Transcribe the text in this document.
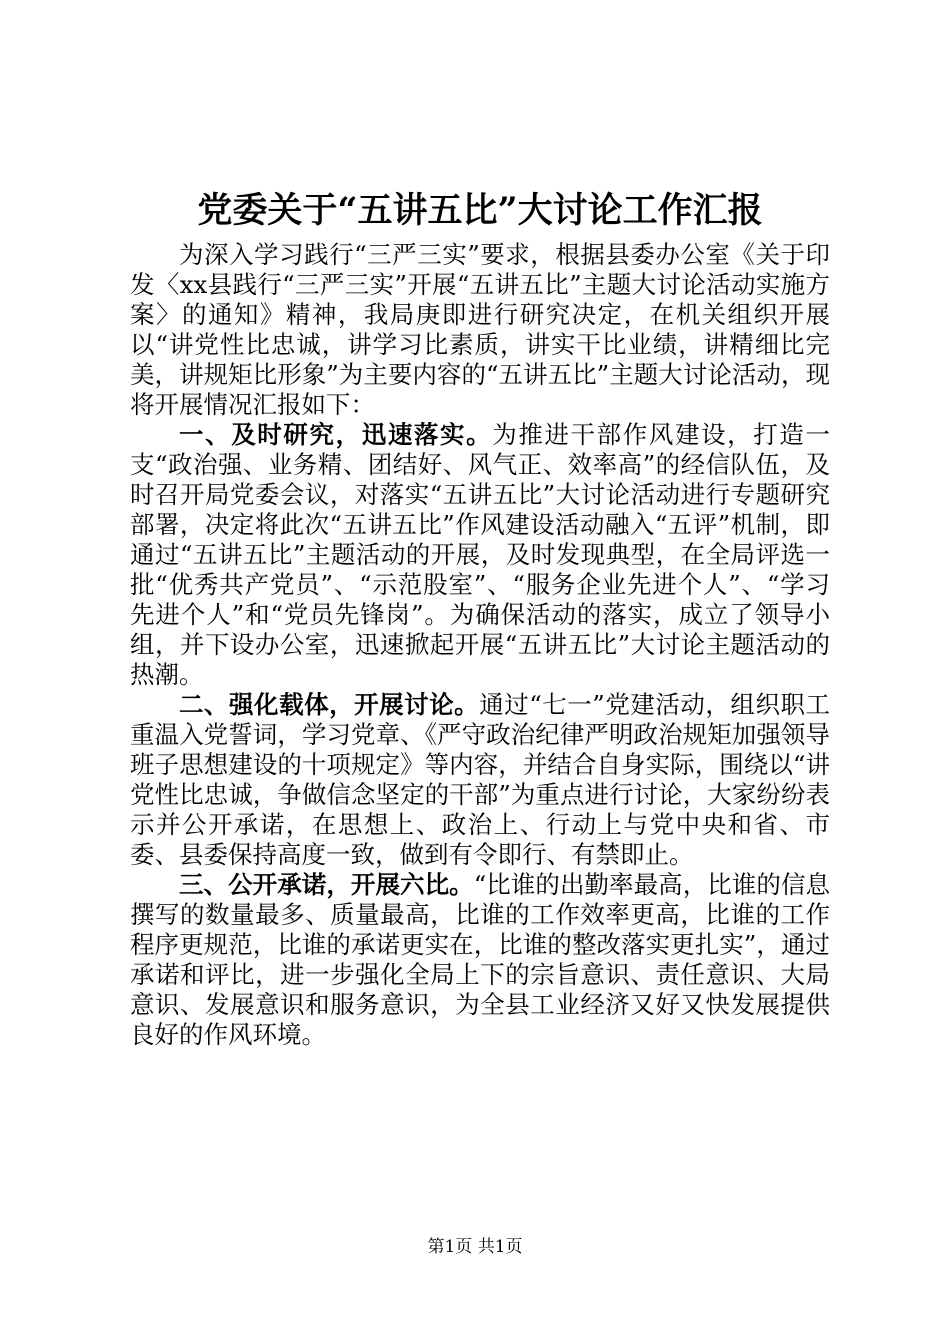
党委关于“五讲五比”大讨论工作汇报

为深入学习践行“三严三实”要求，根据县委办公室《关于印发〈xx县践行“三严三实”开展“五讲五比”主题大讨论活动实施方案〉的通知》精神，我局庚即进行研究决定，在机关组织开展以“讲党性比忠诚，讲学习比素质，讲实干比业绩，讲精细比完美，讲规矩比形象”为主要内容的“五讲五比”主题大讨论活动，现将开展情况汇报如下：

一、及时研究，迅速落实。为推进干部作风建设，打造一支“政治强、业务精、团结好、风气正、效率高”的经信队伍，及时召开局党委会议，对落实“五讲五比”大讨论活动进行专题研究部署，决定将此次“五讲五比”作风建设活动融入“五评”机制，即通过“五讲五比”主题活动的开展，及时发现典型，在全局评选一批“优秀共产党员”、“示范股室”、“服务企业先进个人”、“学习先进个人”和“党员先锋岗”。为确保活动的落实，成立了领导小组，并下设办公室，迅速掀起开展“五讲五比”大讨论主题活动的热潮。

二、强化载体，开展讨论。通过“七一”党建活动，组织职工重温入党誓词，学习党章、《严守政治纪律严明政治规矩加强领导班子思想建设的十项规定》等内容，并结合自身实际，围绕以“讲党性比忠诚，争做信念坚定的干部”为重点进行讨论，大家纷纷表示并公开承诺，在思想上、政治上、行动上与党中央和省、市委、县委保持高度一致，做到有令即行、有禁即止。

三、公开承诺，开展六比。“比谁的出勤率最高，比谁的信息撰写的数量最多、质量最高，比谁的工作效率更高，比谁的工作程序更规范，比谁的承诺更实在，比谁的整改落实更扎实”，通过承诺和评比，进一步强化全局上下的宗旨意识、责任意识、大局意识、发展意识和服务意识，为全县工业经济又好又快发展提供良好的作风环境。

第1页 共1页
